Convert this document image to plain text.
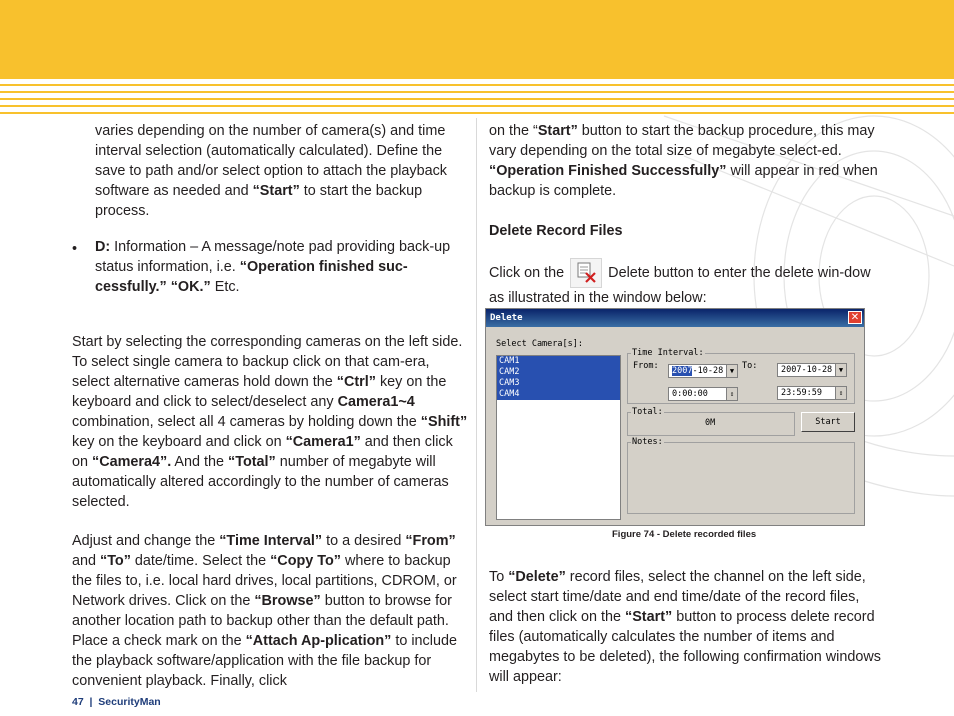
varies depending on the number of camera(s) and time interval selection (automatically calculated). Define the save to path and/or select option to attach the playback software as needed and “Start” to start the backup process.

• D: Information – A message/note pad providing back-up status information, i.e. “Operation finished suc-cessfully.” “OK.” Etc.

Start by selecting the corresponding cameras on the left side. To select single camera to backup click on that cam-era, select alternative cameras hold down the “Ctrl” key on the keyboard and click to select/deselect any Camera1~4 combination, select all 4 cameras by holding down the “Shift” key on the keyboard and click on “Camera1” and then click on “Camera4”. And the “Total” number of megabyte will automatically altered accordingly to the number of cameras selected.

Adjust and change the “Time Interval” to a desired “From” and “To” date/time. Select the “Copy To” where to backup the files to, i.e. local hard drives, local partitions, CDROM, or Network drives. Click on the “Browse” button to browse for another location path to backup other than the default path. Place a check mark on the “Attach Ap-plication” to include the playback software/application with the file backup for convenient playback. Finally, click

on the “Start” button to start the backup procedure, this may vary depending on the total size of megabyte select-ed. “Operation Finished Successfully” will appear in red when backup is complete.

Delete Record Files

Click on the	Delete button to enter the delete win-dow as illustrated in the window below:

Delete	✕
Select Camera[s]:
CAM1
CAM2
CAM3
CAM4
Time Interval:
From:	To:
2007-10-28 ▼	2007-10-28 ▼
0:00:00	⇕	23:59:59	⇕
Total:
0M	Start
Notes:
Figure 74 - Delete recorded files

To “Delete” record files, select the channel on the left side, select start time/date and end time/date of the record files, and then click on the “Start” button to process delete record files (automatically calculates the number of items and megabytes to be deleted), the following confirmation windows will appear:

47  |  SecurityMan
